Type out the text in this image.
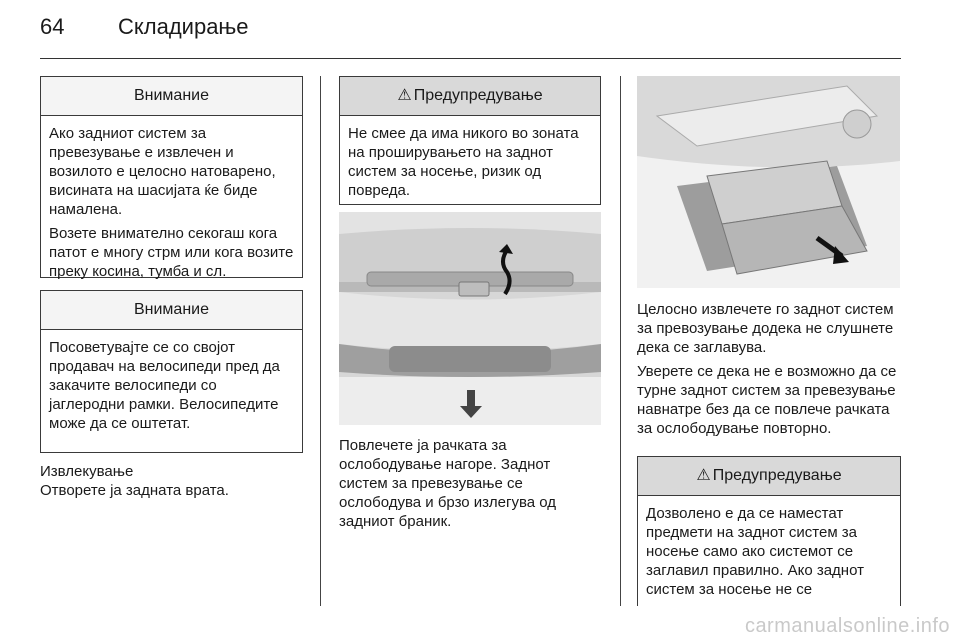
64 Складирање
Внимание

Ако задниот систем за превезување е извлечен и возилото е целосно натоварено, висината на шасијата ќе биде намалена.

Возете внимателно секогаш кога патот е многу стрм или кога возите преку косина, тумба и сл.

Внимание

Посоветувајте се со својот продавач на велосипеди пред да закачите велосипеди со јаглеродни рамки. Велосипедите може да се оштетат.

Извлекување
Отворете ја задната врата.
⚠ Предупредување

Не смее да има никого во зоната на проширувањето на заднот систем за носење, ризик од повреда.

Повлечете ја рачката за ослободување нагоре. Заднот систем за превезување се ослободува и брзо излегува од задниот браник.

Целосно извлечете го заднот систем за превозување додека не слушнете дека се заглавува.

Уверете се дека не е возможно да се турне заднот систем за превезување навнатре без да се повлече рачката за ослободување повторно.

⚠ Предупредување

Дозволено е да се наместат предмети на заднот систем за носење само ако системот се заглавил правилно. Ако заднот систем за носење не се

carmanualsonline.info
